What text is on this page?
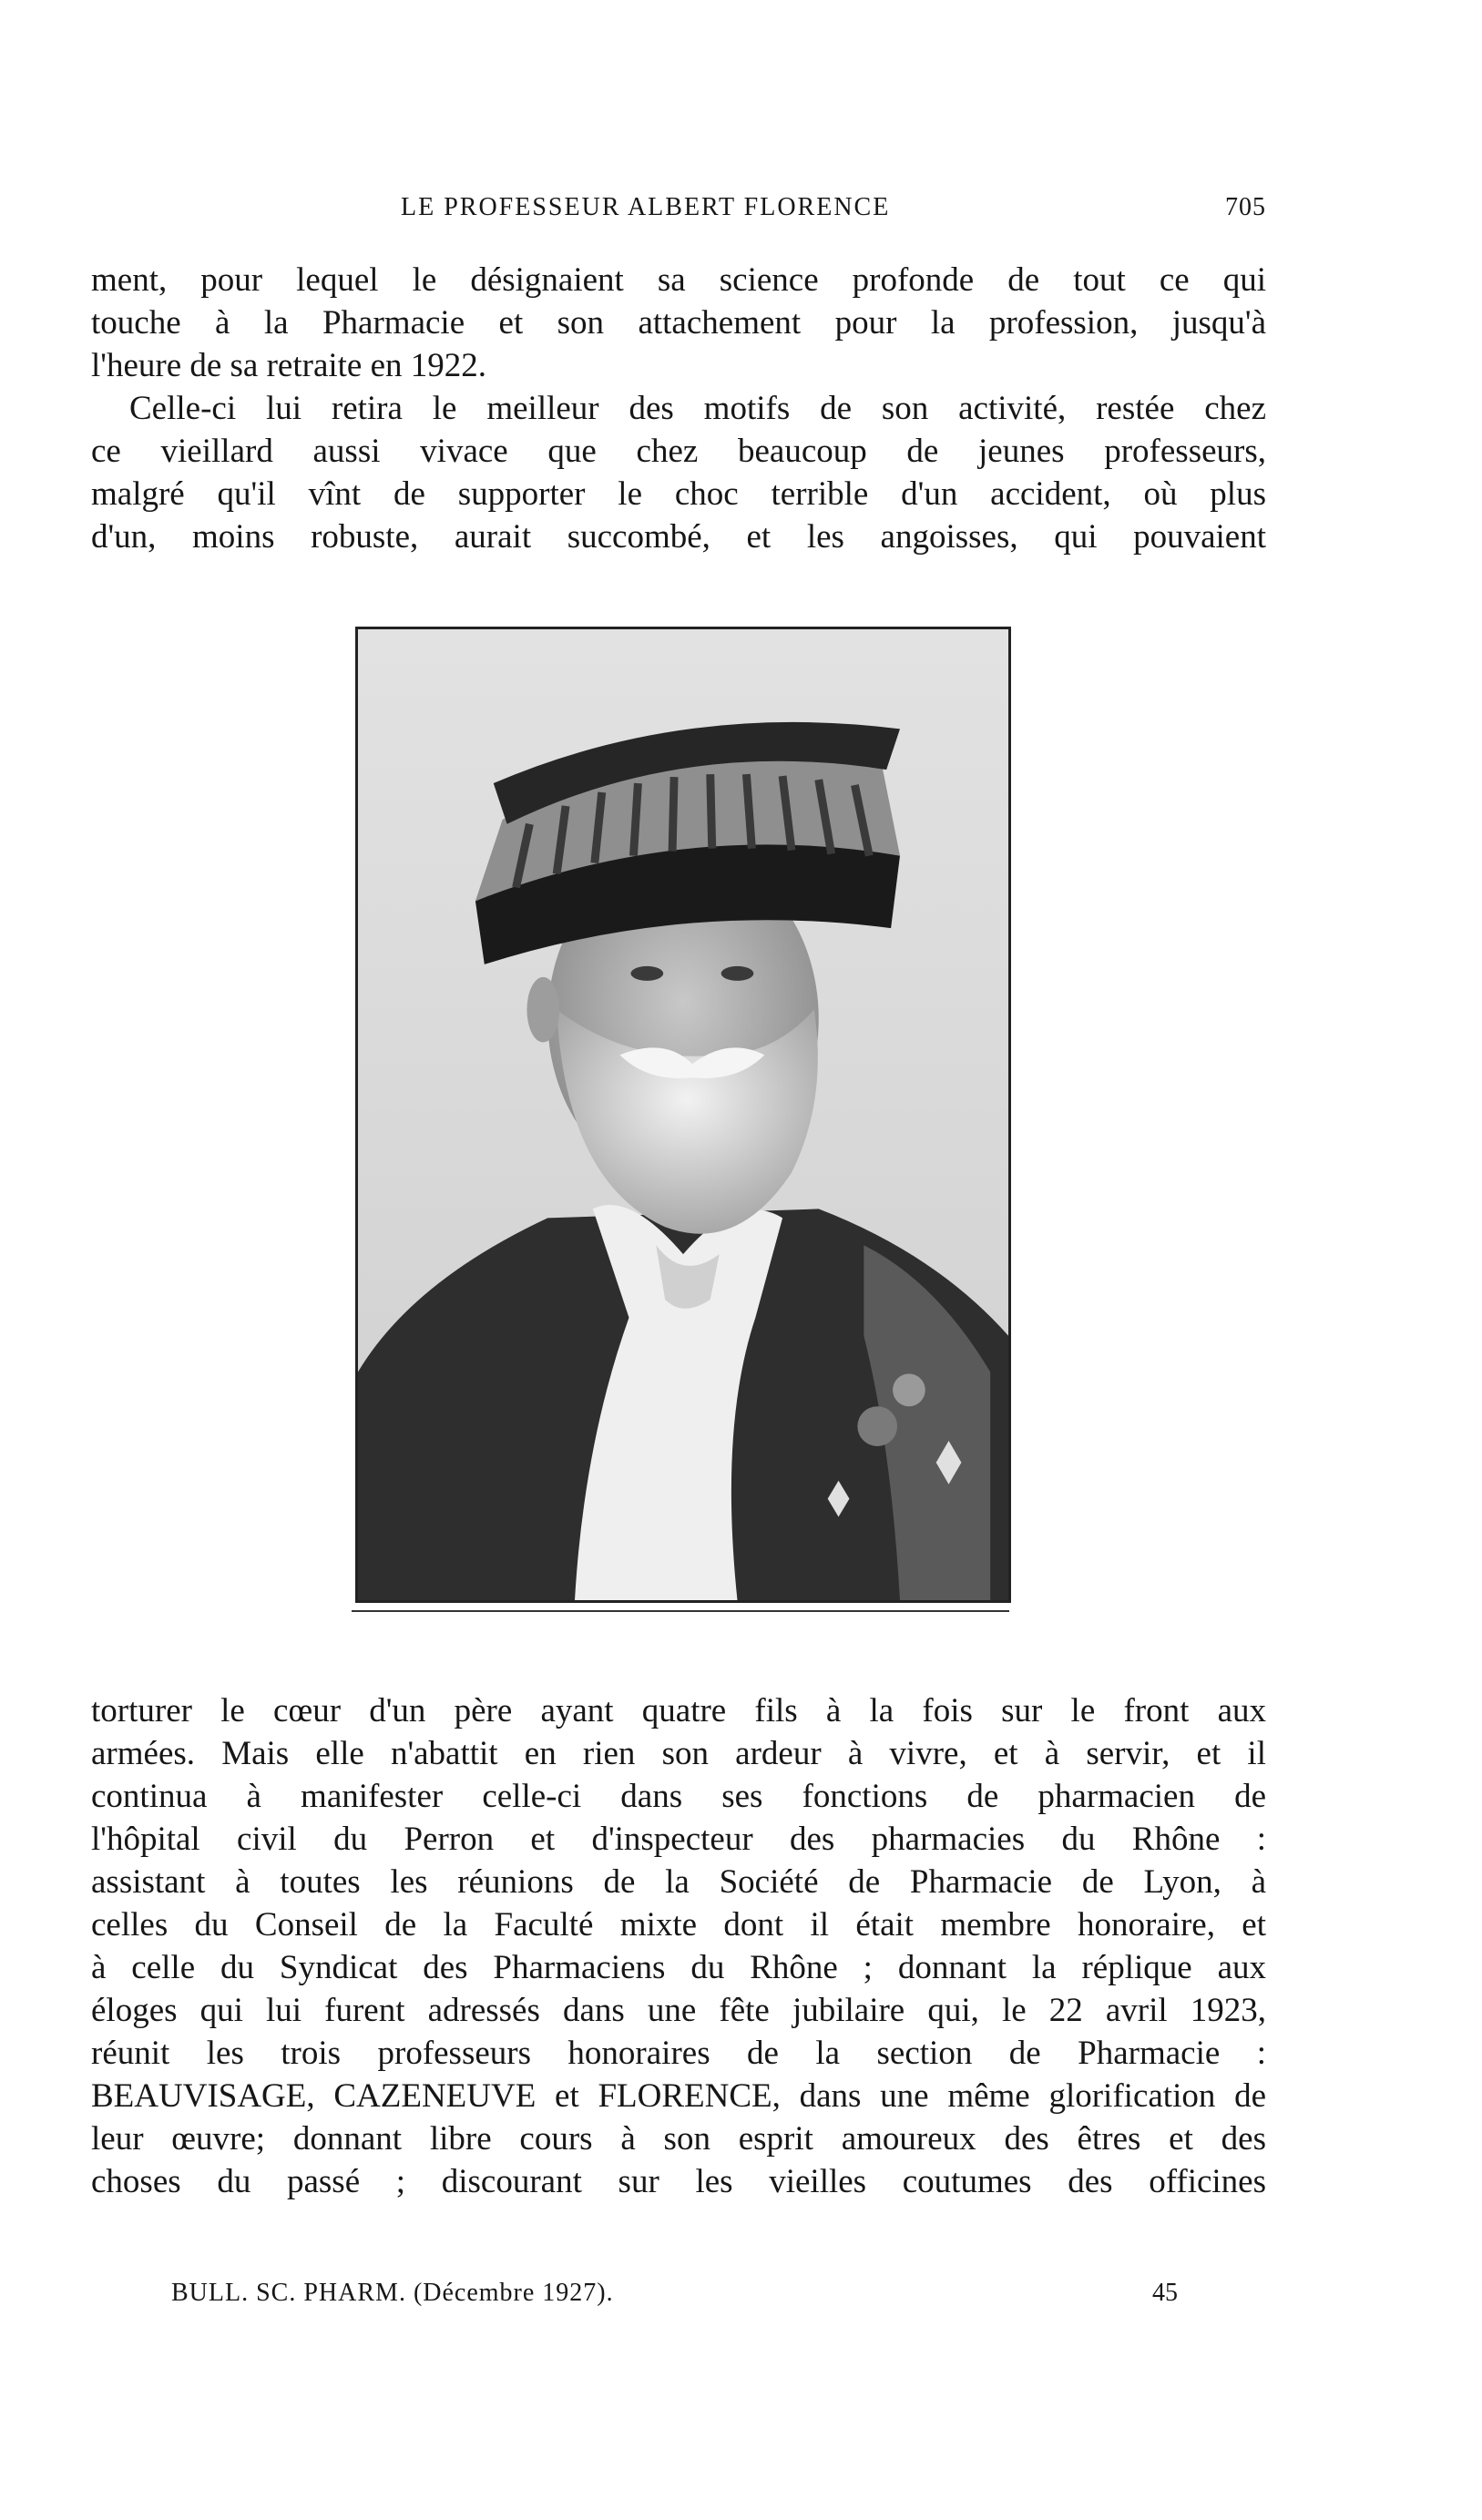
LE PROFESSEUR ALBERT FLORENCE	705
ment, pour lequel le désignaient sa science profonde de tout ce qui
touche à la Pharmacie et son attachement pour la profession, jusqu'à
l'heure de sa retraite en 1922.
Celle-ci lui retira le meilleur des motifs de son activité, restée chez
ce vieillard aussi vivace que chez beaucoup de jeunes professeurs,
malgré qu'il vînt de supporter le choc terrible d'un accident, où plus
d'un, moins robuste, aurait succombé, et les angoisses, qui pouvaient
torturer le cœur d'un père ayant quatre fils à la fois sur le front aux
armées. Mais elle n'abattit en rien son ardeur à vivre, et à servir, et il
continua à manifester celle-ci dans ses fonctions de pharmacien de
l'hôpital civil du Perron et d'inspecteur des pharmacies du Rhône :
assistant à toutes les réunions de la Société de Pharmacie de Lyon, à
celles du Conseil de la Faculté mixte dont il était membre honoraire, et
à celle du Syndicat des Pharmaciens du Rhône ; donnant la réplique aux
éloges qui lui furent adressés dans une fête jubilaire qui, le 22 avril 1923,
réunit les trois professeurs honoraires de la section de Pharmacie :
BEAUVISAGE, CAZENEUVE et FLORENCE, dans une même glorification de
leur œuvre; donnant libre cours à son esprit amoureux des êtres et des
choses du passé ; discourant sur les vieilles coutumes des officines
BULL. SC. PHARM. (Décembre 1927).	45
